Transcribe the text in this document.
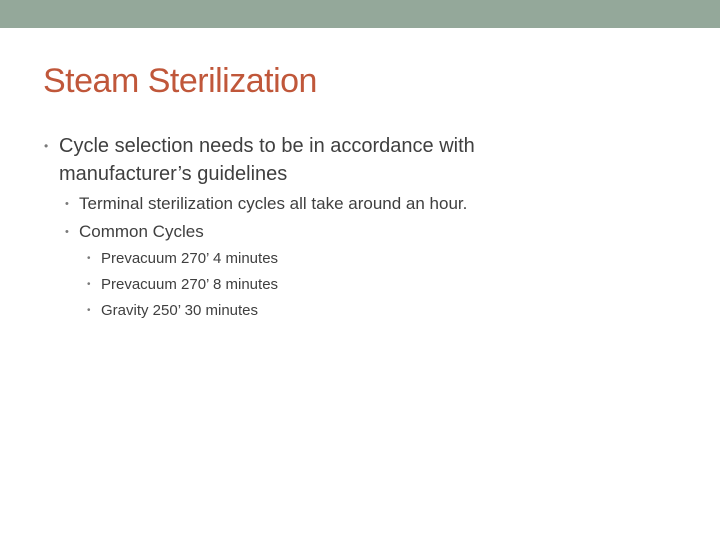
Steam Sterilization
• Cycle selection needs to be in accordance with
manufacturer’s guidelines
• Terminal sterilization cycles all take around an hour.
• Common Cycles
• Prevacuum 270’ 4 minutes
• Prevacuum 270’ 8 minutes
• Gravity 250’ 30 minutes
